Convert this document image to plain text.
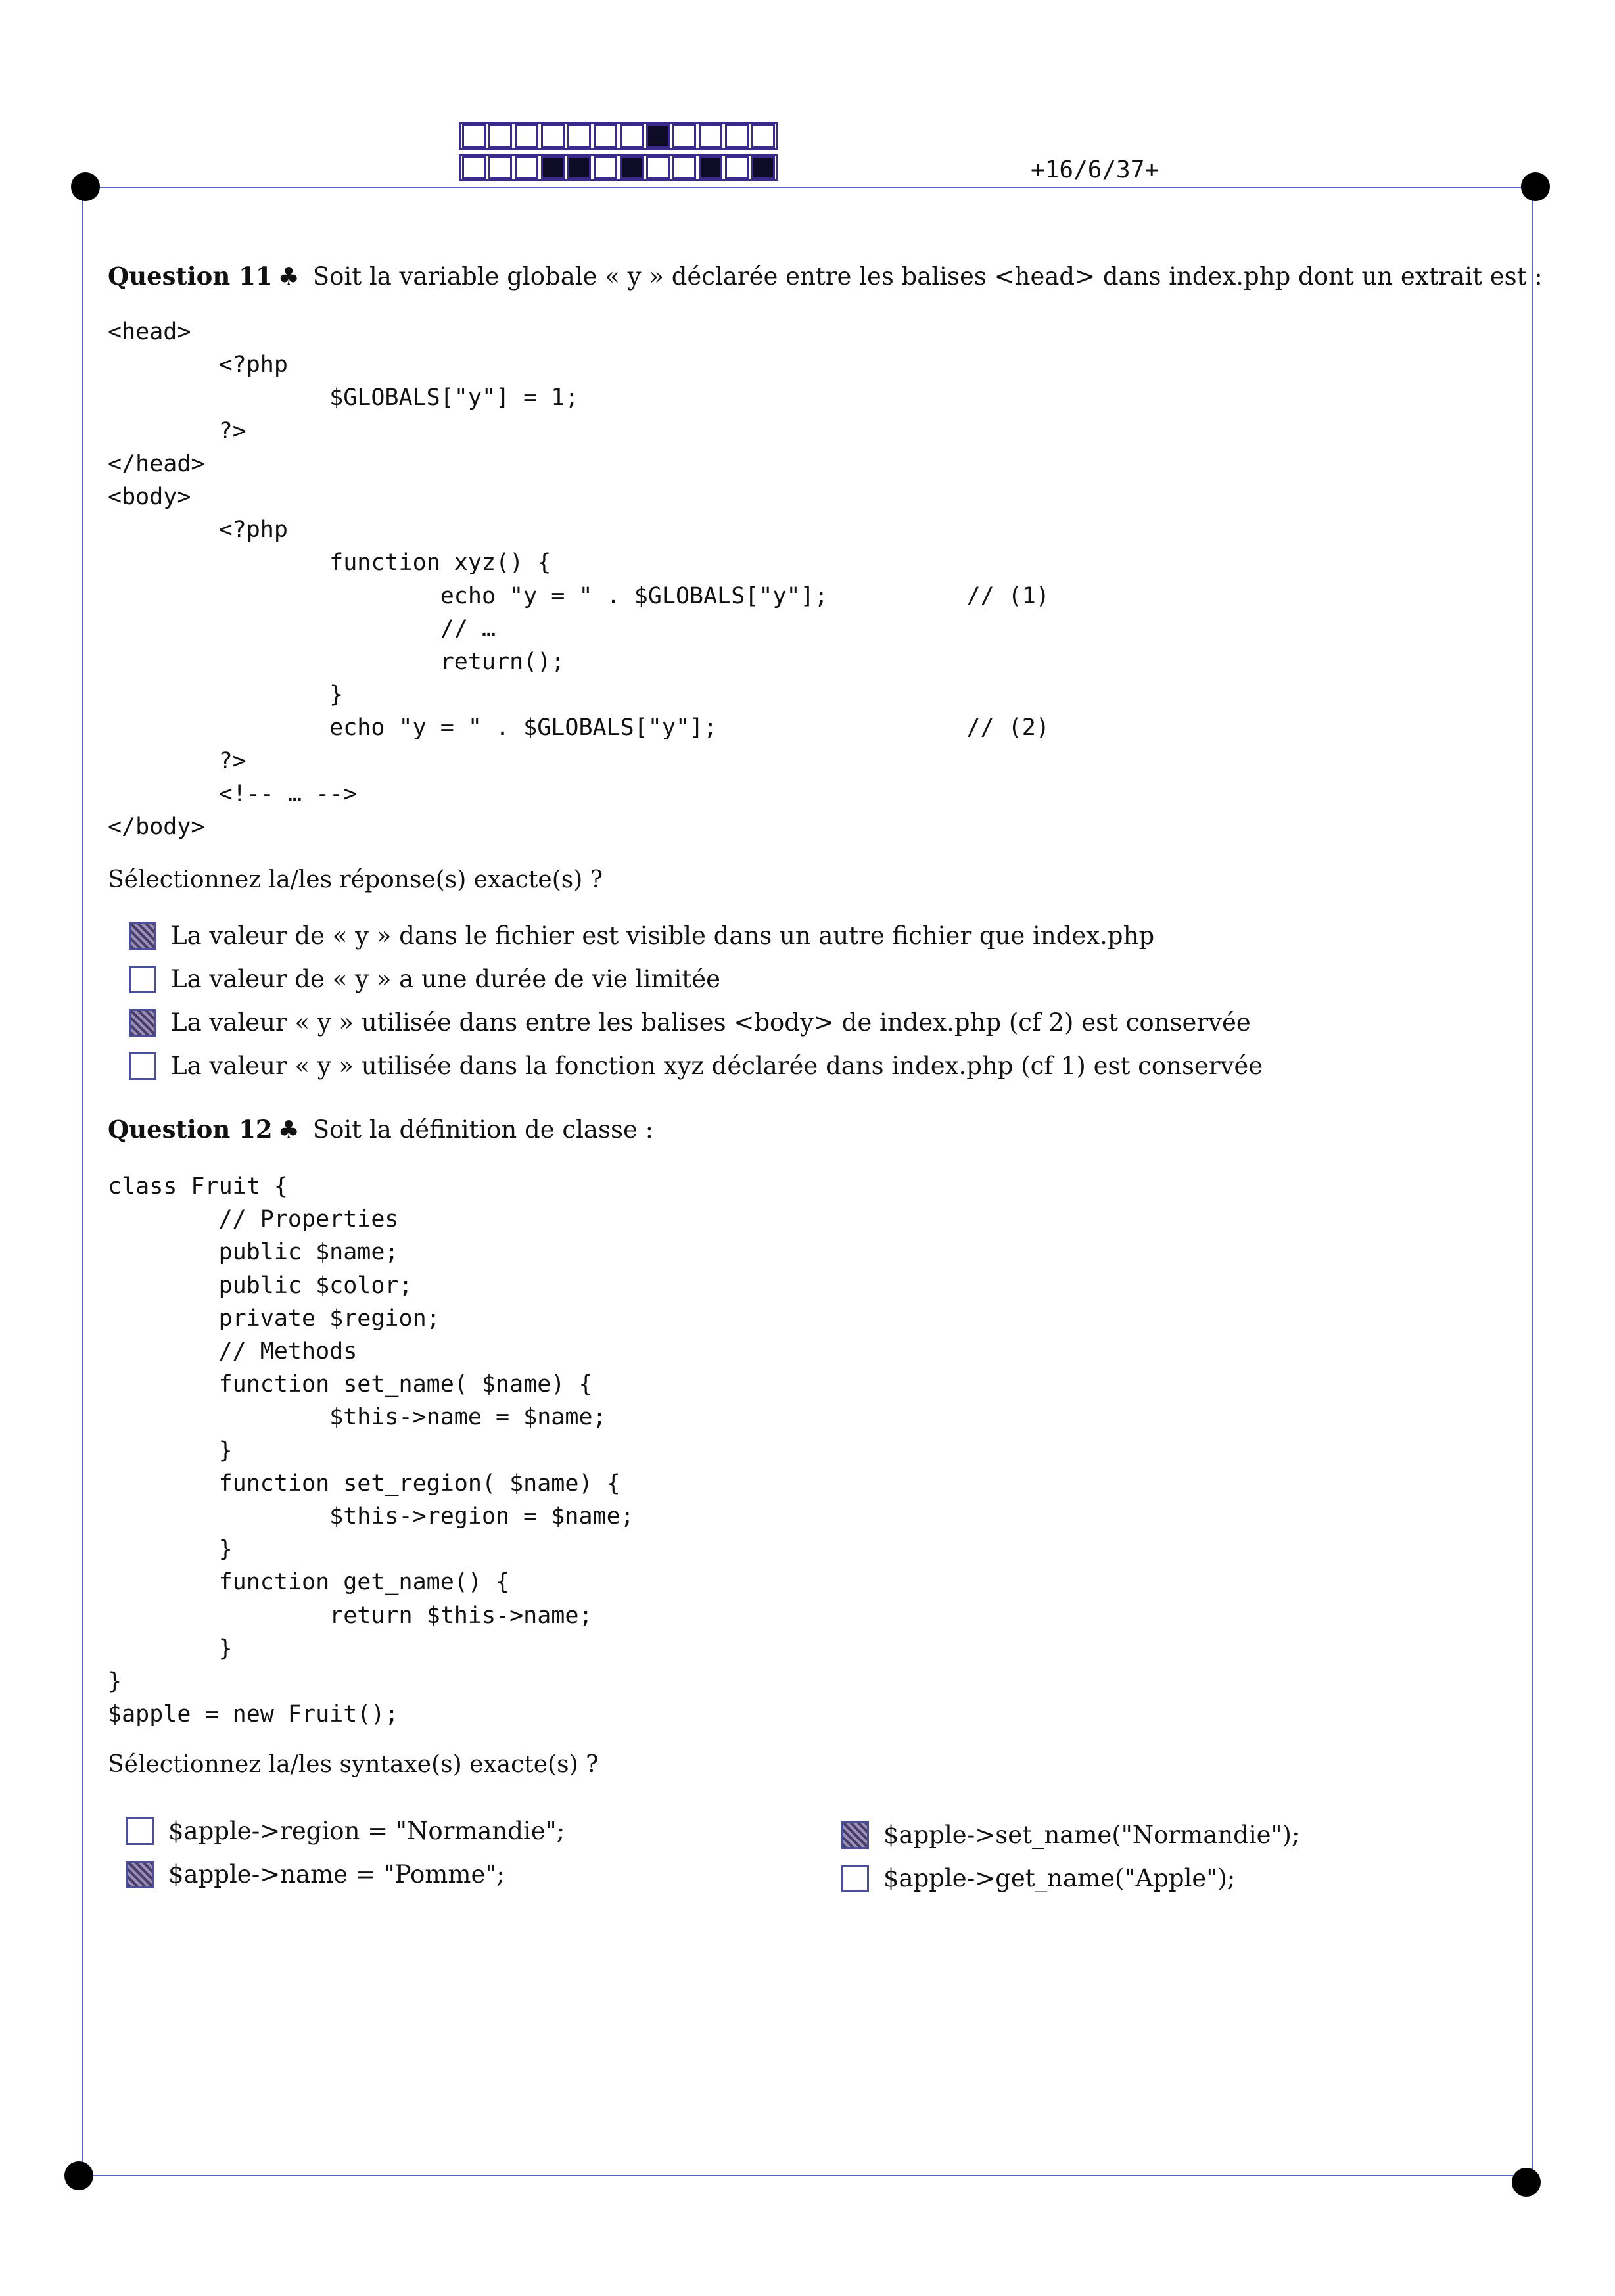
+16/6/37+
Question 11 ♣ Soit la variable globale « y » déclarée entre les balises <head> dans index.php dont un extrait est :
<head>
<?php
$GLOBALS["y"] = 1;
?>
</head>
<body>
<?php
function xyz() {
echo "y = " . $GLOBALS["y"];          // (1)
// …
return();
}
echo "y = " . $GLOBALS["y"];                  // (2)
?>
<!-- … -->
</body>
Sélectionnez la/les réponse(s) exacte(s) ?
La valeur de « y » dans le fichier est visible dans un autre fichier que index.php
La valeur de « y » a une durée de vie limitée
La valeur « y » utilisée dans entre les balises <body> de index.php (cf 2) est conservée
La valeur « y » utilisée dans la fonction xyz déclarée dans index.php (cf 1) est conservée
Question 12 ♣ Soit la définition de classe :
class Fruit {
// Properties
public $name;
public $color;
private $region;
// Methods
function set_name( $name) {
$this->name = $name;
}
function set_region( $name) {
$this->region = $name;
}
function get_name() {
return $this->name;
}
}
$apple = new Fruit();
Sélectionnez la/les syntaxe(s) exacte(s) ?
$apple->region = "Normandie";
$apple->name = "Pomme";
$apple->set_name("Normandie");
$apple->get_name("Apple");
